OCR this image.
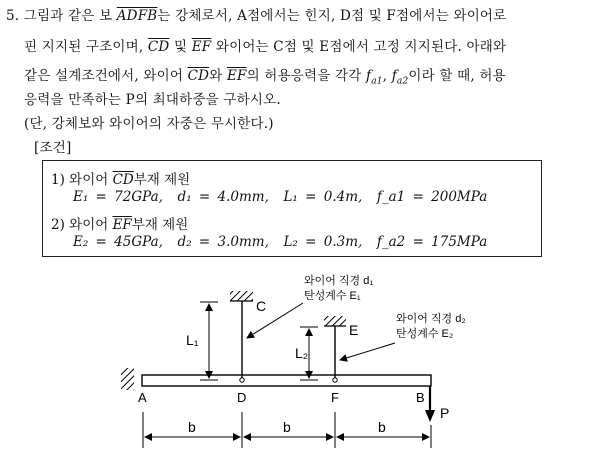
5. 그림과 같은 보 ADFB는 강체로서, A점에서는 힌지, D점 및 F점에서는 와이어로
핀 지지된 구조이며, $\overline{CD}$ 및 $\overline{EF}$ 와이어는 C점 및 E점에서 고정 지지된다. 아래와
같은 설계조건에서, 와이어 $\overline{CD}$와 $\overline{EF}$의 허용응력을 각각 $f_{a1}$, $f_{a2}$이라 할 때, 허용
응력을 만족하는 P의 최대하중을 구하시오.
(단, 강체보와 와이어의 자중은 무시한다.)
[조건]
1) 와이어 $\overline{CD}$부재 제원
E₁ = 72GPa, d₁ = 4.0mm, L₁ = 0.4m, f_a1 = 200MPa
2) 와이어 $\overline{EF}$부재 제원
E₂ = 45GPa, d₂ = 3.0mm, L₂ = 0.3m, f_a2 = 175MPa
L₁
L₂
A	D	F	B
C
E
P
b	b	b
와이어 직경 d₁
탄성계수 E₁
와이어 직경 d₂
탄성계수 E₂
